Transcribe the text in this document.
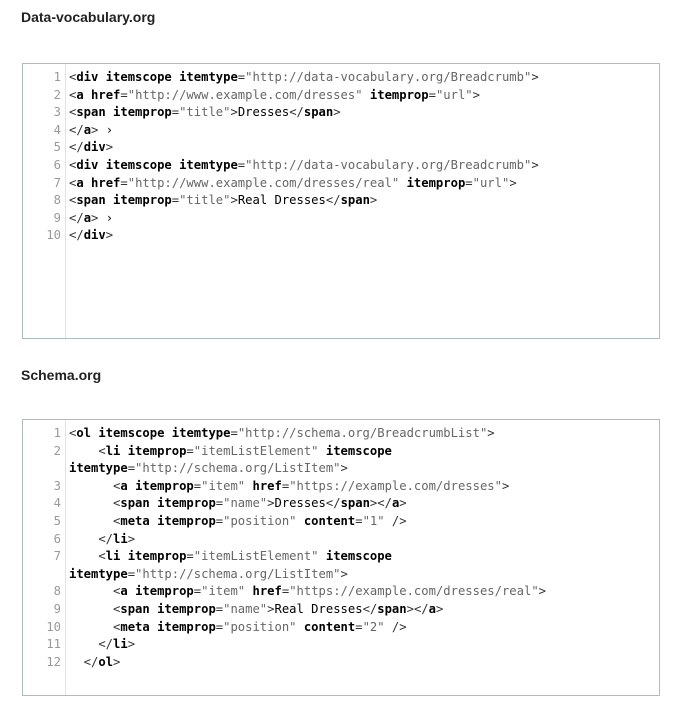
Data-vocabulary.org
1 <div itemscope itemtype="http://data-vocabulary.org/Breadcrumb">
2 <a href="http://www.example.com/dresses" itemprop="url">
3 <span itemprop="title">Dresses</span>
4 </a> ›
5 </div>
6 <div itemscope itemtype="http://data-vocabulary.org/Breadcrumb">
7 <a href="http://www.example.com/dresses/real" itemprop="url">
8 <span itemprop="title">Real Dresses</span>
9 </a> ›
10 </div>
Schema.org
1 <ol itemscope itemtype="http://schema.org/BreadcrumbList">
2 <li itemprop="itemListElement" itemscope
itemtype="http://schema.org/ListItem">
3 <a itemprop="item" href="https://example.com/dresses">
4 <span itemprop="name">Dresses</span></a>
5 <meta itemprop="position" content="1" />
6 </li>
7 <li itemprop="itemListElement" itemscope
itemtype="http://schema.org/ListItem">
8 <a itemprop="item" href="https://example.com/dresses/real">
9 <span itemprop="name">Real Dresses</span></a>
10 <meta itemprop="position" content="2" />
11 </li>
12 </ol>
